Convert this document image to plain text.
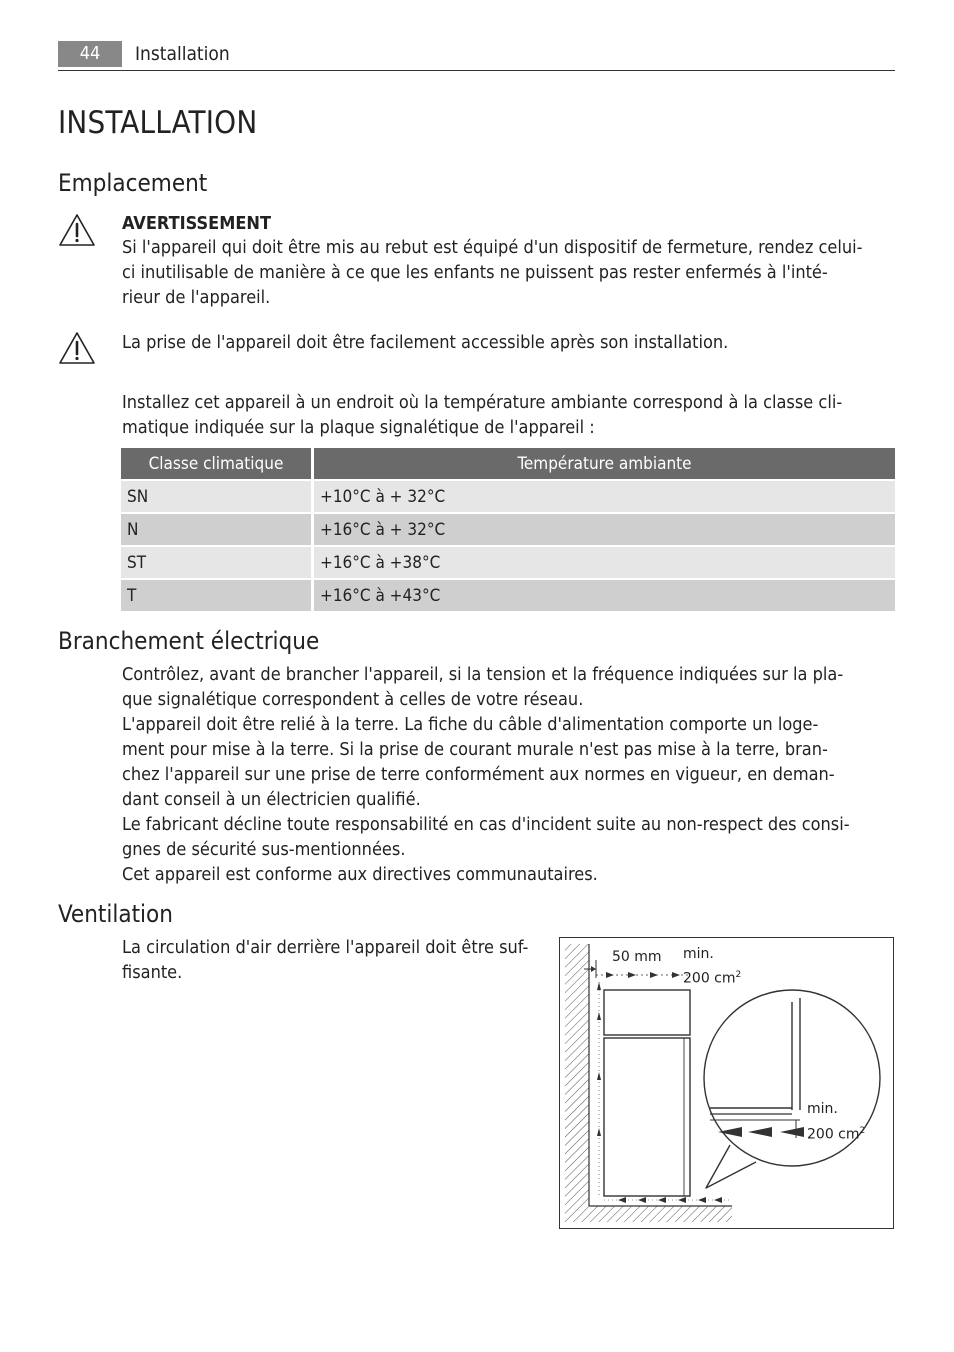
44	Installation
INSTALLATION
Emplacement
AVERTISSEMENT
Si l'appareil qui doit être mis au rebut est équipé d'un dispositif de fermeture, rendez celui-
ci inutilisable de manière à ce que les enfants ne puissent pas rester enfermés à l'inté-
rieur de l'appareil.
La prise de l'appareil doit être facilement accessible après son installation.
Installez cet appareil à un endroit où la température ambiante correspond à la classe cli-
matique indiquée sur la plaque signalétique de l'appareil :
Classe climatique	Température ambiante
SN	+10°C à + 32°C
N	+16°C à + 32°C
ST	+16°C à +38°C
T	+16°C à +43°C
Branchement électrique
Contrôlez, avant de brancher l'appareil, si la tension et la fréquence indiquées sur la pla-
que signalétique correspondent à celles de votre réseau.
L'appareil doit être relié à la terre. La fiche du câble d'alimentation comporte un loge-
ment pour mise à la terre. Si la prise de courant murale n'est pas mise à la terre, bran-
chez l'appareil sur une prise de terre conformément aux normes en vigueur, en deman-
dant conseil à un électricien qualifié.
Le fabricant décline toute responsabilité en cas d'incident suite au non-respect des consi-
gnes de sécurité sus-mentionnées.
Cet appareil est conforme aux directives communautaires.
Ventilation
La circulation d'air derrière l'appareil doit être suf-
fisante.
50 mm min.
200 $cm^2$
min.
200 $cm^2$
